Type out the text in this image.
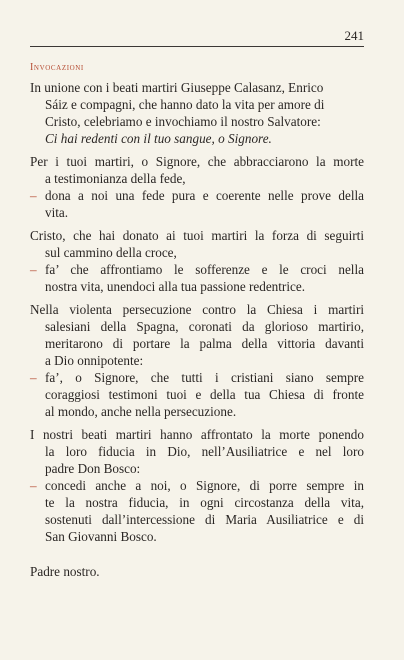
241
Invocazioni
In unione con i beati martiri Giuseppe Calasanz, Enrico
Sáiz e compagni, che hanno dato la vita per amore di
Cristo, celebriamo e invochiamo il nostro Salvatore:
Ci hai redenti con il tuo sangue, o Signore.
Per i tuoi martiri, o Signore, che abbracciarono la morte
a testimonianza della fede,
– dona a noi una fede pura e coerente nelle prove della
vita.
Cristo, che hai donato ai tuoi martiri la forza di seguirti
sul cammino della croce,
– fa’ che affrontiamo le sofferenze e le croci nella
nostra vita, unendoci alla tua passione redentrice.
Nella violenta persecuzione contro la Chiesa i martiri
salesiani della Spagna, coronati da glorioso martirio,
meritarono di portare la palma della vittoria davanti
a Dio onnipotente:
– fa’, o Signore, che tutti i cristiani siano sempre
coraggiosi testimoni tuoi e della tua Chiesa di fronte
al mondo, anche nella persecuzione.
I nostri beati martiri hanno affrontato la morte ponendo
la loro fiducia in Dio, nell’Ausiliatrice e nel loro
padre Don Bosco:
– concedi anche a noi, o Signore, di porre sempre in
te la nostra fiducia, in ogni circostanza della vita,
sostenuti dall’intercessione di Maria Ausiliatrice e di
San Giovanni Bosco.
Padre nostro.
